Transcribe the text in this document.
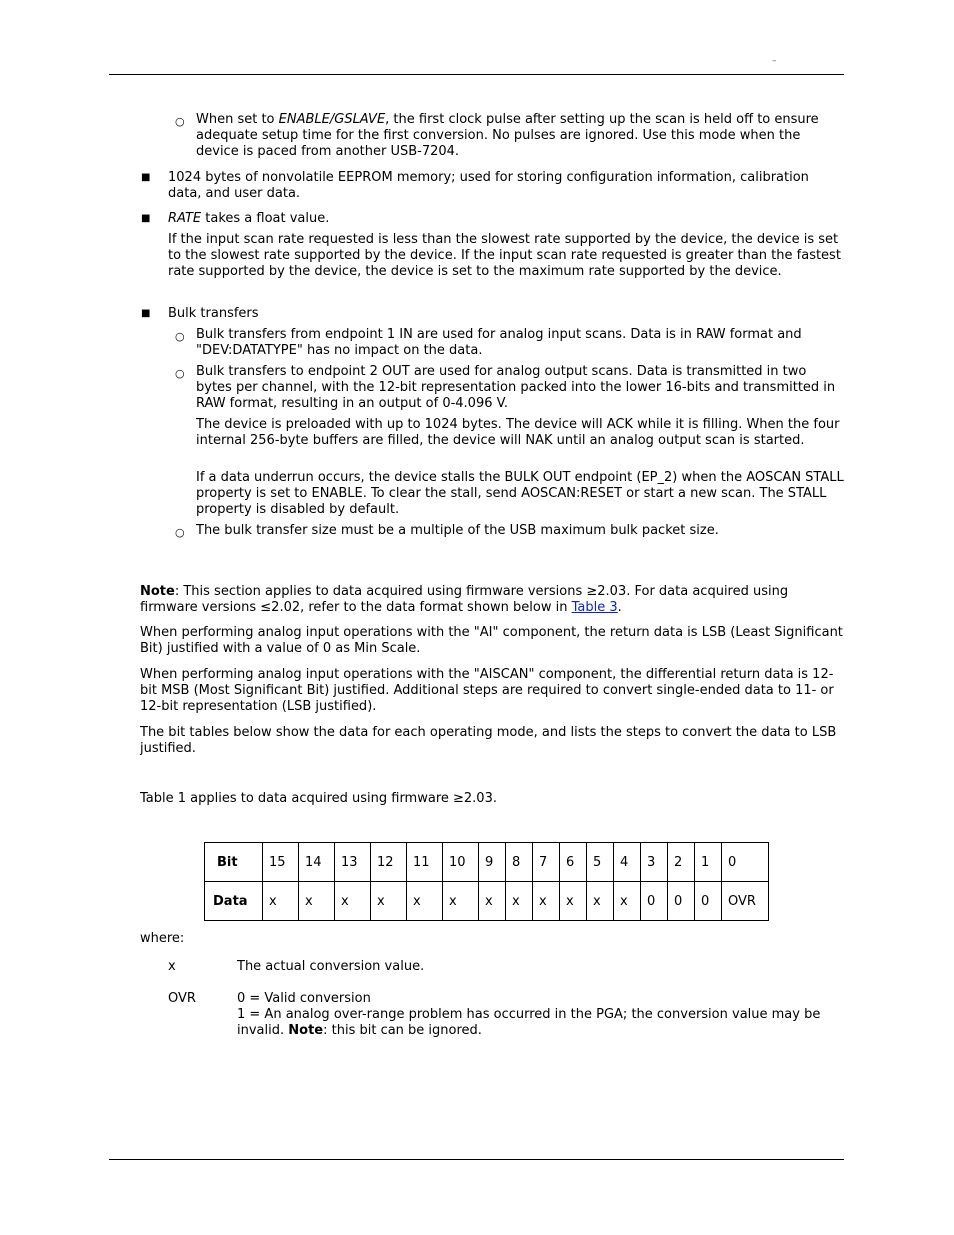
–
○ When set to ENABLE/GSLAVE, the first clock pulse after setting up the scan is held off to ensure adequate setup time for the first conversion. No pulses are ignored. Use this mode when the device is paced from another USB-7204.
■ 1024 bytes of nonvolatile EEPROM memory; used for storing configuration information, calibration data, and user data.
■ RATE takes a float value.
If the input scan rate requested is less than the slowest rate supported by the device, the device is set to the slowest rate supported by the device. If the input scan rate requested is greater than the fastest rate supported by the device, the device is set to the maximum rate supported by the device.
■ Bulk transfers
○ Bulk transfers from endpoint 1 IN are used for analog input scans. Data is in RAW format and "DEV:DATATYPE" has no impact on the data.
○ Bulk transfers to endpoint 2 OUT are used for analog output scans. Data is transmitted in two bytes per channel, with the 12-bit representation packed into the lower 16-bits and transmitted in RAW format, resulting in an output of 0-4.096 V.
The device is preloaded with up to 1024 bytes. The device will ACK while it is filling. When the four internal 256-byte buffers are filled, the device will NAK until an analog output scan is started.
If a data underrun occurs, the device stalls the BULK OUT endpoint (EP_2) when the AOSCAN STALL property is set to ENABLE. To clear the stall, send AOSCAN:RESET or start a new scan. The STALL property is disabled by default.
○ The bulk transfer size must be a multiple of the USB maximum bulk packet size.
Note: This section applies to data acquired using firmware versions ≥2.03. For data acquired using firmware versions ≤2.02, refer to the data format shown below in Table 3.
When performing analog input operations with the "AI" component, the return data is LSB (Least Significant Bit) justified with a value of 0 as Min Scale.
When performing analog input operations with the "AISCAN" component, the differential return data is 12-bit MSB (Most Significant Bit) justified. Additional steps are required to convert single-ended data to 11- or 12-bit representation (LSB justified).
The bit tables below show the data for each operating mode, and lists the steps to convert the data to LSB justified.
Table 1 applies to data acquired using firmware ≥2.03.
Bit	15	14	13	12	11	10	9	8	7	6	5	4	3	2	1	0
Data	x	x	x	x	x	x	x	x	x	x	x	x	0	0	0	OVR
where:
x	The actual conversion value.
OVR	0 = Valid conversion
1 = An analog over-range problem has occurred in the PGA; the conversion value may be invalid. Note: this bit can be ignored.
